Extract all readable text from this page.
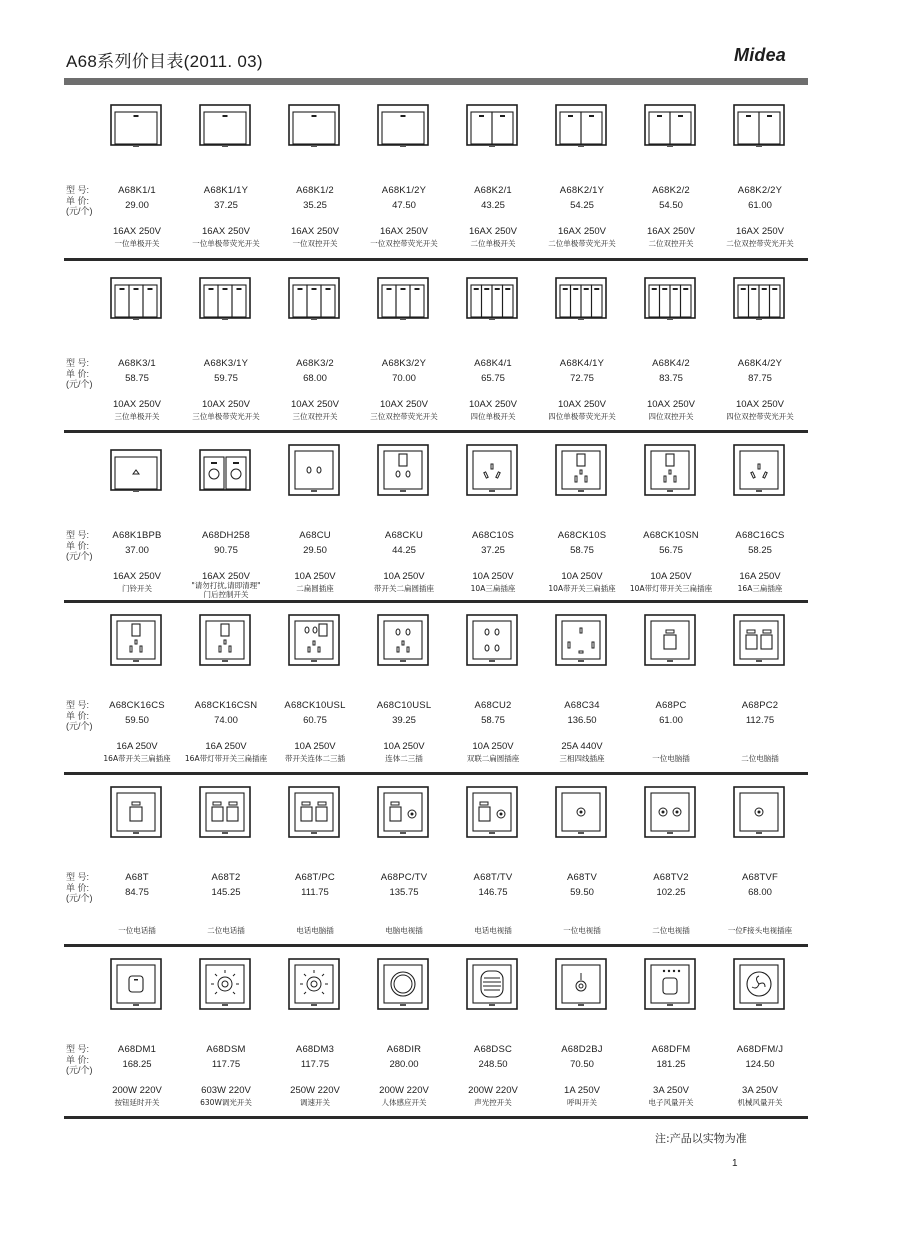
A68系列价目表(2011. 03)	Midea
型 号:
单 价:
(元/个)
A68K1/1
29.00
16AX 250V
一位单极开关
A68K1/1Y
37.25
16AX 250V
一位单极带荧光开关
A68K1/2
35.25
16AX 250V
一位双控开关
A68K1/2Y
47.50
16AX 250V
一位双控带荧光开关
A68K2/1
43.25
16AX 250V
二位单极开关
A68K2/1Y
54.25
16AX 250V
二位单极带荧光开关
A68K2/2
54.50
16AX 250V
二位双控开关
A68K2/2Y
61.00
16AX 250V
二位双控带荧光开关
型 号:
单 价:
(元/个)
A68K3/1
58.75
10AX 250V
三位单极开关
A68K3/1Y
59.75
10AX 250V
三位单极带荧光开关
A68K3/2
68.00
10AX 250V
三位双控开关
A68K3/2Y
70.00
10AX 250V
三位双控带荧光开关
A68K4/1
65.75
10AX 250V
四位单极开关
A68K4/1Y
72.75
10AX 250V
四位单极带荧光开关
A68K4/2
83.75
10AX 250V
四位双控开关
A68K4/2Y
87.75
10AX 250V
四位双控带荧光开关
型 号:
单 价:
(元/个)
A68K1BPB
37.00
16AX 250V
门铃开关
A68DH258
90.75
16AX 250V
"请勿打扰,请即清理"
门后控制开关
A68CU
29.50
10A 250V
二扁圆插座
A68CKU
44.25
10A 250V
带开关二扁圆插座
A68C10S
37.25
10A 250V
10A三扁插座
A68CK10S
58.75
10A 250V
10A带开关三扁插座
A68CK10SN
56.75
10A 250V
10A带灯带开关三扁插座
A68C16CS
58.25
16A 250V
16A三扁插座
型 号:
单 价:
(元/个)
A68CK16CS
59.50
16A 250V
16A带开关三扁插座
A68CK16CSN
74.00
16A 250V
16A带灯带开关三扁插座
A68CK10USL
60.75
10A 250V
带开关连体二三插
A68C10USL
39.25
10A 250V
连体二三插
A68CU2
58.75
10A 250V
双联二扁圆插座
A68C34
136.50
25A 440V
三相四线插座
A68PC
61.00
一位电脑插
A68PC2
112.75
二位电脑插
型 号:
单 价:
(元/个)
A68T
84.75
一位电话插
A68T2
145.25
二位电话插
A68T/PC
111.75
电话电脑插
A68PC/TV
135.75
电脑电视插
A68T/TV
146.75
电话电视插
A68TV
59.50
一位电视插
A68TV2
102.25
二位电视插
A68TVF
68.00
一位F接头电视插座
型 号:
单 价:
(元/个)
A68DM1
168.25
200W 220V
按钮延时开关
A68DSM
117.75
603W 220V
630W调光开关
A68DM3
117.75
250W 220V
调速开关
A68DIR
280.00
200W 220V
人体感应开关
A68DSC
248.50
200W 220V
声光控开关
A68D2BJ
70.50
1A 250V
呼叫开关
A68DFM
181.25
3A 250V
电子风量开关
A68DFM/J
124.50
3A 250V
机械风量开关
注:产品以实物为准
1
